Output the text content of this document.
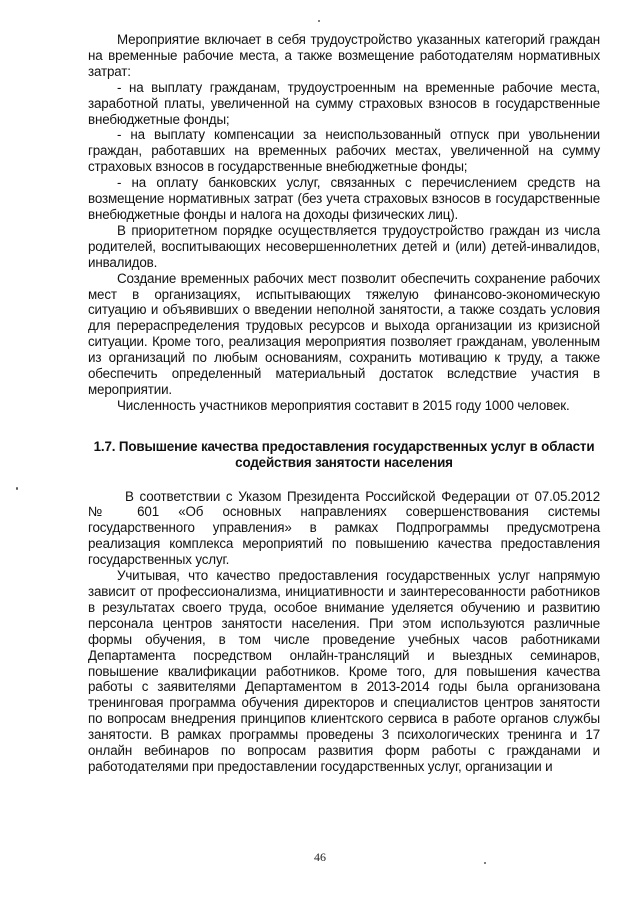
Мероприятие включает в себя трудоустройство указанных категорий граждан на временные рабочие места, а также возмещение работодателям нормативных затрат:

- на выплату гражданам, трудоустроенным на временные рабочие места, заработной платы, увеличенной на сумму страховых взносов в государственные внебюджетные фонды;

- на выплату компенсации за неиспользованный отпуск при увольнении граждан, работавших на временных рабочих местах, увеличенной на сумму страховых взносов в государственные внебюджетные фонды;

- на оплату банковских услуг, связанных с перечислением средств на возмещение нормативных затрат (без учета страховых взносов в государственные внебюджетные фонды и налога на доходы физических лиц).

В приоритетном порядке осуществляется трудоустройство граждан из числа родителей, воспитывающих несовершеннолетних детей и (или) детей-инвалидов, инвалидов.

Создание временных рабочих мест позволит обеспечить сохранение рабочих мест в организациях, испытывающих тяжелую финансово-экономическую ситуацию и объявивших о введении неполной занятости, а также создать условия для перераспределения трудовых ресурсов и выхода организации из кризисной ситуации. Кроме того, реализация мероприятия позволяет гражданам, уволенным из организаций по любым основаниям, сохранить мотивацию к труду, а также обеспечить определенный материальный достаток вследствие участия в мероприятии.

Численность участников мероприятия составит в 2015 году 1000 человек.

1.7. Повышение качества предоставления государственных услуг в области содействия занятости населения

В соответствии с Указом Президента Российской Федерации от 07.05.2012 № 601 «Об основных направлениях совершенствования системы государственного управления» в рамках Подпрограммы предусмотрена реализация комплекса мероприятий по повышению качества предоставления государственных услуг.

Учитывая, что качество предоставления государственных услуг напрямую зависит от профессионализма, инициативности и заинтересованности работников в результатах своего труда, особое внимание уделяется обучению и развитию персонала центров занятости населения. При этом используются различные формы обучения, в том числе проведение учебных часов работниками Департамента посредством онлайн-трансляций и выездных семинаров, повышение квалификации работников. Кроме того, для повышения качества работы с заявителями Департаментом в 2013-2014 годы была организована тренинговая программа обучения директоров и специалистов центров занятости по вопросам внедрения принципов клиентского сервиса в работе органов службы занятости. В рамках программы проведены 3 психологических тренинга и 17 онлайн вебинаров по вопросам развития форм работы с гражданами и работодателями при предоставлении государственных услуг, организации и

46
